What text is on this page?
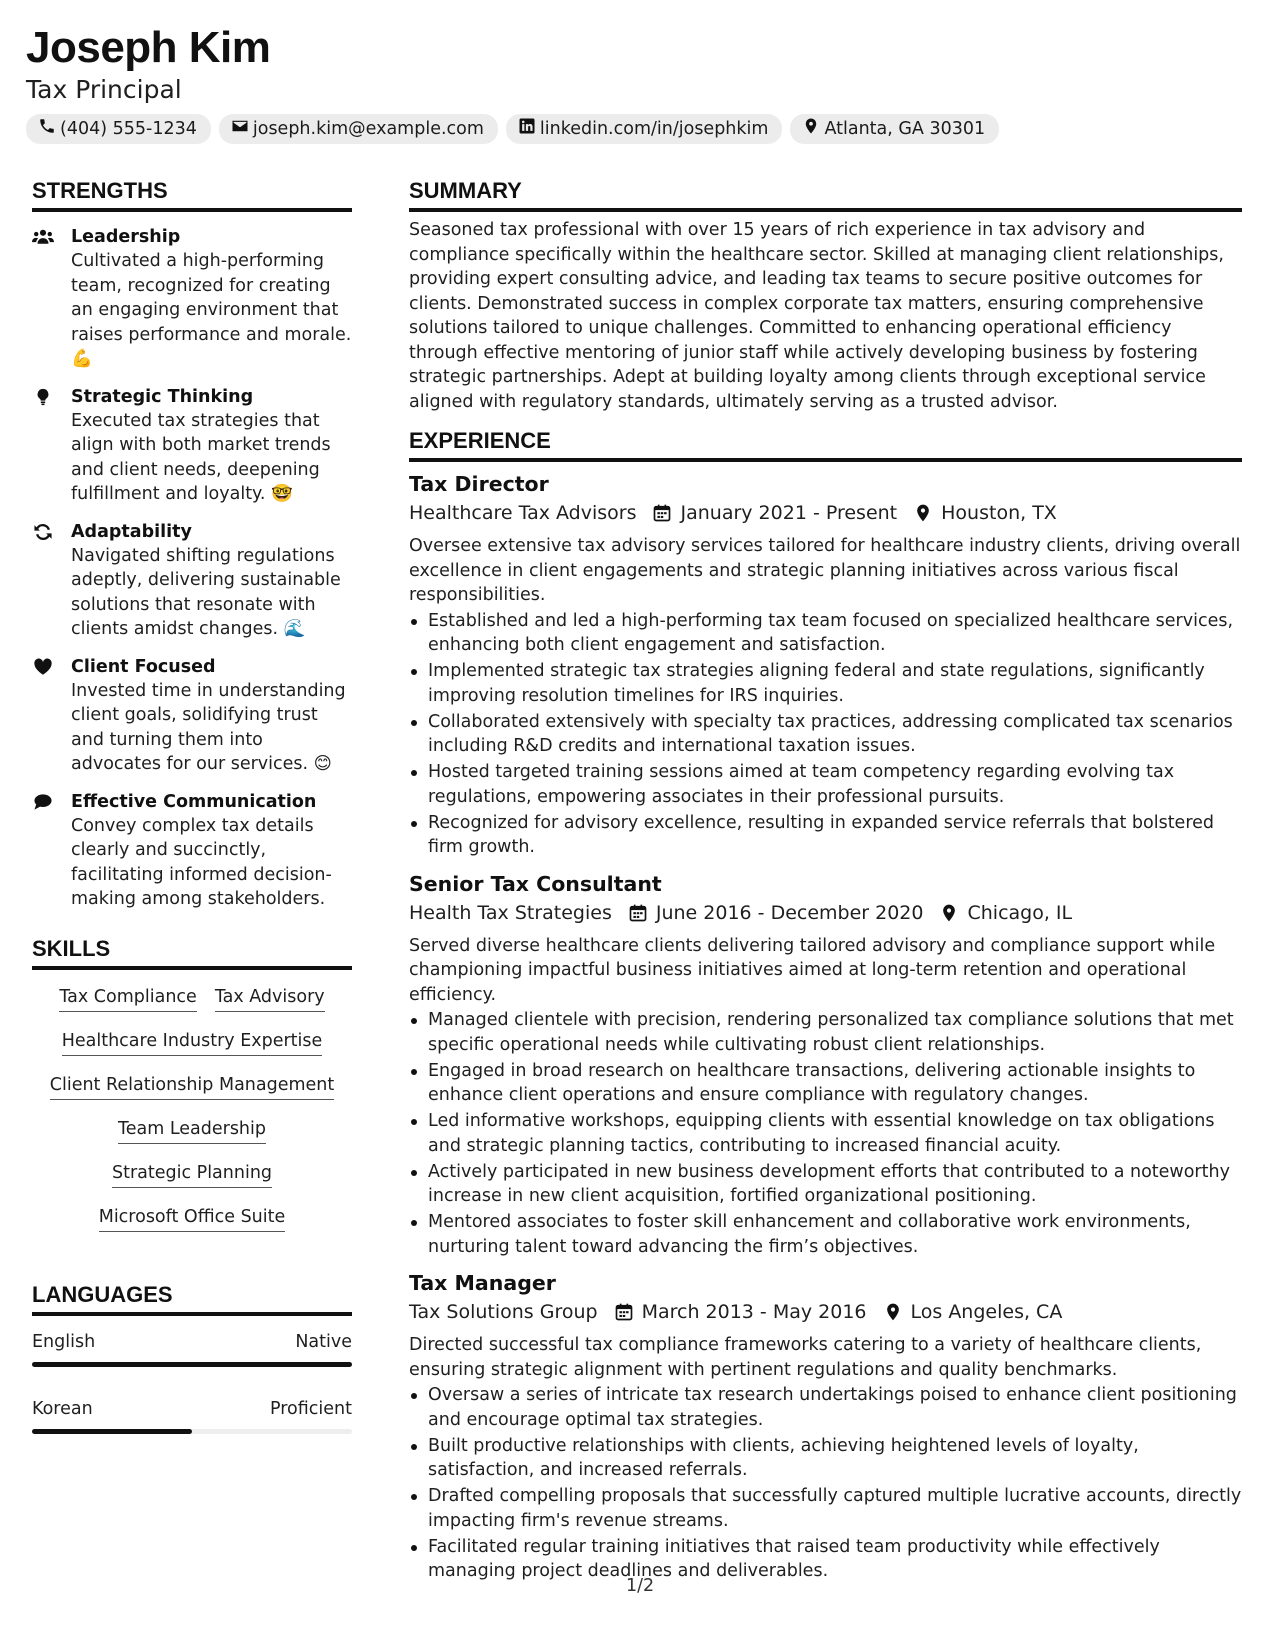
Joseph Kim
Tax Principal
(404) 555-1234	joseph.kim@example.com	linkedin.com/in/josephkim	Atlanta, GA 30301
STRENGTHS
Leadership
Cultivated a high-performing team, recognized for creating an engaging environment that raises performance and morale. 💪
Strategic Thinking
Executed tax strategies that align with both market trends and client needs, deepening fulfillment and loyalty. 🤓
Adaptability
Navigated shifting regulations adeptly, delivering sustainable solutions that resonate with clients amidst changes. 🌊
Client Focused
Invested time in understanding client goals, solidifying trust and turning them into advocates for our services. 😊
Effective Communication
Convey complex tax details clearly and succinctly, facilitating informed decision-making among stakeholders.
SKILLS
Tax Compliance Tax Advisory
Healthcare Industry Expertise
Client Relationship Management
Team Leadership
Strategic Planning
Microsoft Office Suite
LANGUAGES
English	Native
Korean	Proficient
SUMMARY
Seasoned tax professional with over 15 years of rich experience in tax advisory and compliance specifically within the healthcare sector. Skilled at managing client relationships, providing expert consulting advice, and leading tax teams to secure positive outcomes for clients. Demonstrated success in complex corporate tax matters, ensuring comprehensive solutions tailored to unique challenges. Committed to enhancing operational efficiency through effective mentoring of junior staff while actively developing business by fostering strategic partnerships. Adept at building loyalty among clients through exceptional service aligned with regulatory standards, ultimately serving as a trusted advisor.
EXPERIENCE
Tax Director
Healthcare Tax Advisors January 2021 - Present Houston, TX
Oversee extensive tax advisory services tailored for healthcare industry clients, driving overall excellence in client engagements and strategic planning initiatives across various fiscal responsibilities.
Established and led a high-performing tax team focused on specialized healthcare services, enhancing both client engagement and satisfaction.
Implemented strategic tax strategies aligning federal and state regulations, significantly improving resolution timelines for IRS inquiries.
Collaborated extensively with specialty tax practices, addressing complicated tax scenarios including R&D credits and international taxation issues.
Hosted targeted training sessions aimed at team competency regarding evolving tax regulations, empowering associates in their professional pursuits.
Recognized for advisory excellence, resulting in expanded service referrals that bolstered firm growth.
Senior Tax Consultant
Health Tax Strategies June 2016 - December 2020 Chicago, IL
Served diverse healthcare clients delivering tailored advisory and compliance support while championing impactful business initiatives aimed at long-term retention and operational efficiency.
Managed clientele with precision, rendering personalized tax compliance solutions that met specific operational needs while cultivating robust client relationships.
Engaged in broad research on healthcare transactions, delivering actionable insights to enhance client operations and ensure compliance with regulatory changes.
Led informative workshops, equipping clients with essential knowledge on tax obligations and strategic planning tactics, contributing to increased financial acuity.
Actively participated in new business development efforts that contributed to a noteworthy increase in new client acquisition, fortified organizational positioning.
Mentored associates to foster skill enhancement and collaborative work environments, nurturing talent toward advancing the firm’s objectives.
Tax Manager
Tax Solutions Group March 2013 - May 2016 Los Angeles, CA
Directed successful tax compliance frameworks catering to a variety of healthcare clients, ensuring strategic alignment with pertinent regulations and quality benchmarks.
Oversaw a series of intricate tax research undertakings poised to enhance client positioning and encourage optimal tax strategies.
Built productive relationships with clients, achieving heightened levels of loyalty, satisfaction, and increased referrals.
Drafted compelling proposals that successfully captured multiple lucrative accounts, directly impacting firm's revenue streams.
Facilitated regular training initiatives that raised team productivity while effectively managing project deadlines and deliverables.
1/2
